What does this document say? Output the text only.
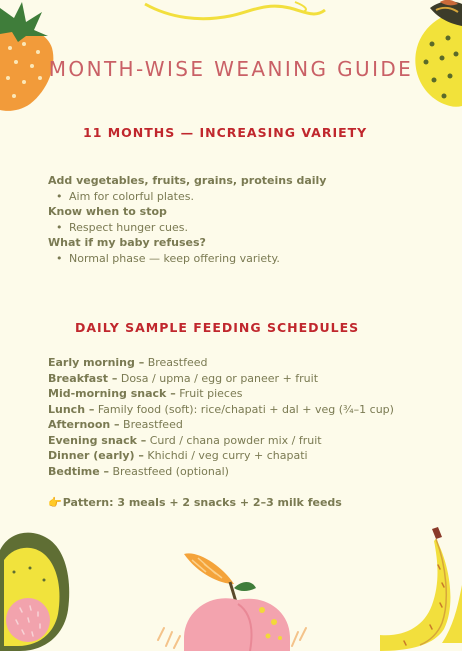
MONTH-WISE WEANING GUIDE
11 MONTHS — INCREASING VARIETY
Add vegetables, fruits, grains, proteins daily
• Aim for colorful plates.
Know when to stop
• Respect hunger cues.
What if my baby refuses?
• Normal phase — keep offering variety.
DAILY SAMPLE FEEDING SCHEDULES
Early morning – Breastfeed
Breakfast – Dosa / upma / egg or paneer + fruit
Mid-morning snack – Fruit pieces
Lunch – Family food (soft): rice/chapati + dal + veg (¾–1 cup)
Afternoon – Breastfeed
Evening snack – Curd / chana powder mix / fruit
Dinner (early) – Khichdi / veg curry + chapati
Bedtime – Breastfeed (optional)
👉Pattern: 3 meals + 2 snacks + 2–3 milk feeds
